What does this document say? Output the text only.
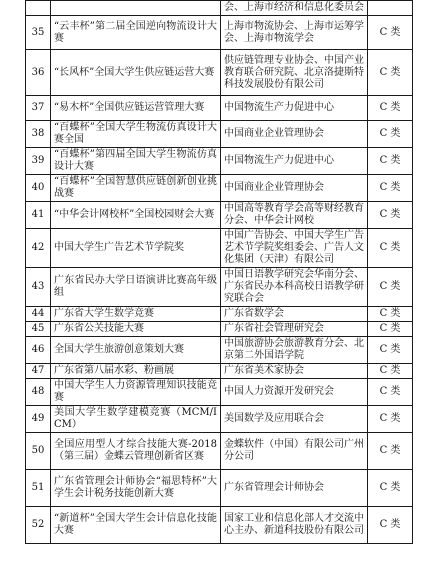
		会、上海市经济和信息化委员会	
35	“云丰杯”第二届全国逆向物流设计大赛	上海市物流协会、上海市运筹学会、上海市物流学会	C 类
36	“长风杯”全国大学生供应链运营大赛	供应链管理专业协会、中国产业教育联合研究院、北京洛捷斯特科技发展股份有限公司	C 类
37	“易木杯”全国供应链运营管理大赛	中国物流生产力促进中心	C 类
38	“百蝶杯”全国大学生物流仿真设计大赛全国	中国商业企业管理协会	C 类
39	“百蝶杯”第四届全国大学生物流仿真设计大赛	中国物流生产力促进中心	C 类
40	“百蝶杯”全国智慧供应链创新创业挑战赛	中国商业企业管理协会	C 类
41	“中华会计网校杯”全国校园财会大赛	中国高等教育学会高等财经教育分会、中华会计网校	C 类
42	中国大学生广告艺术节学院奖	中国广告协会、中国大学生广告艺术节学院奖组委会、广告人文化集团（天津）有限公司	C 类
43	广东省民办大学日语演讲比赛高年级组	中国日语教学研究会华南分会、广东省民办本科高校日语教学研究联合会	C 类
44	广东省大学生数学竞赛	广东省数学会	C 类
45	广东省公关技能大赛	广东省社会管理研究会	C 类
46	全国大学生旅游创意策划大赛	中国旅游协会旅游教育分会、北京第二外国语学院	C 类
47	广东省第八届水彩、粉画展	广东省美术家协会	C 类
48	中国大学生人力资源管理知识技能竞赛	中国人力资源开发研究会	C 类
49	美国大学生数学建模竞赛（MCM/ICM）	美国数学及应用联合会	C 类
50	全国应用型人才综合技能大赛-2018（第三届）金蝶云管理创新省区赛	金蝶软件（中国）有限公司广州分公司	C 类
51	广东省管理会计师协会“福思特杯”大学生会计税务技能创新大赛	广东省管理会计师协会	C 类
52	“新道杯”全国大学生会计信息化技能大赛	国家工业和信息化部人才交流中心主办、新道科技股份有限公司	C 类
